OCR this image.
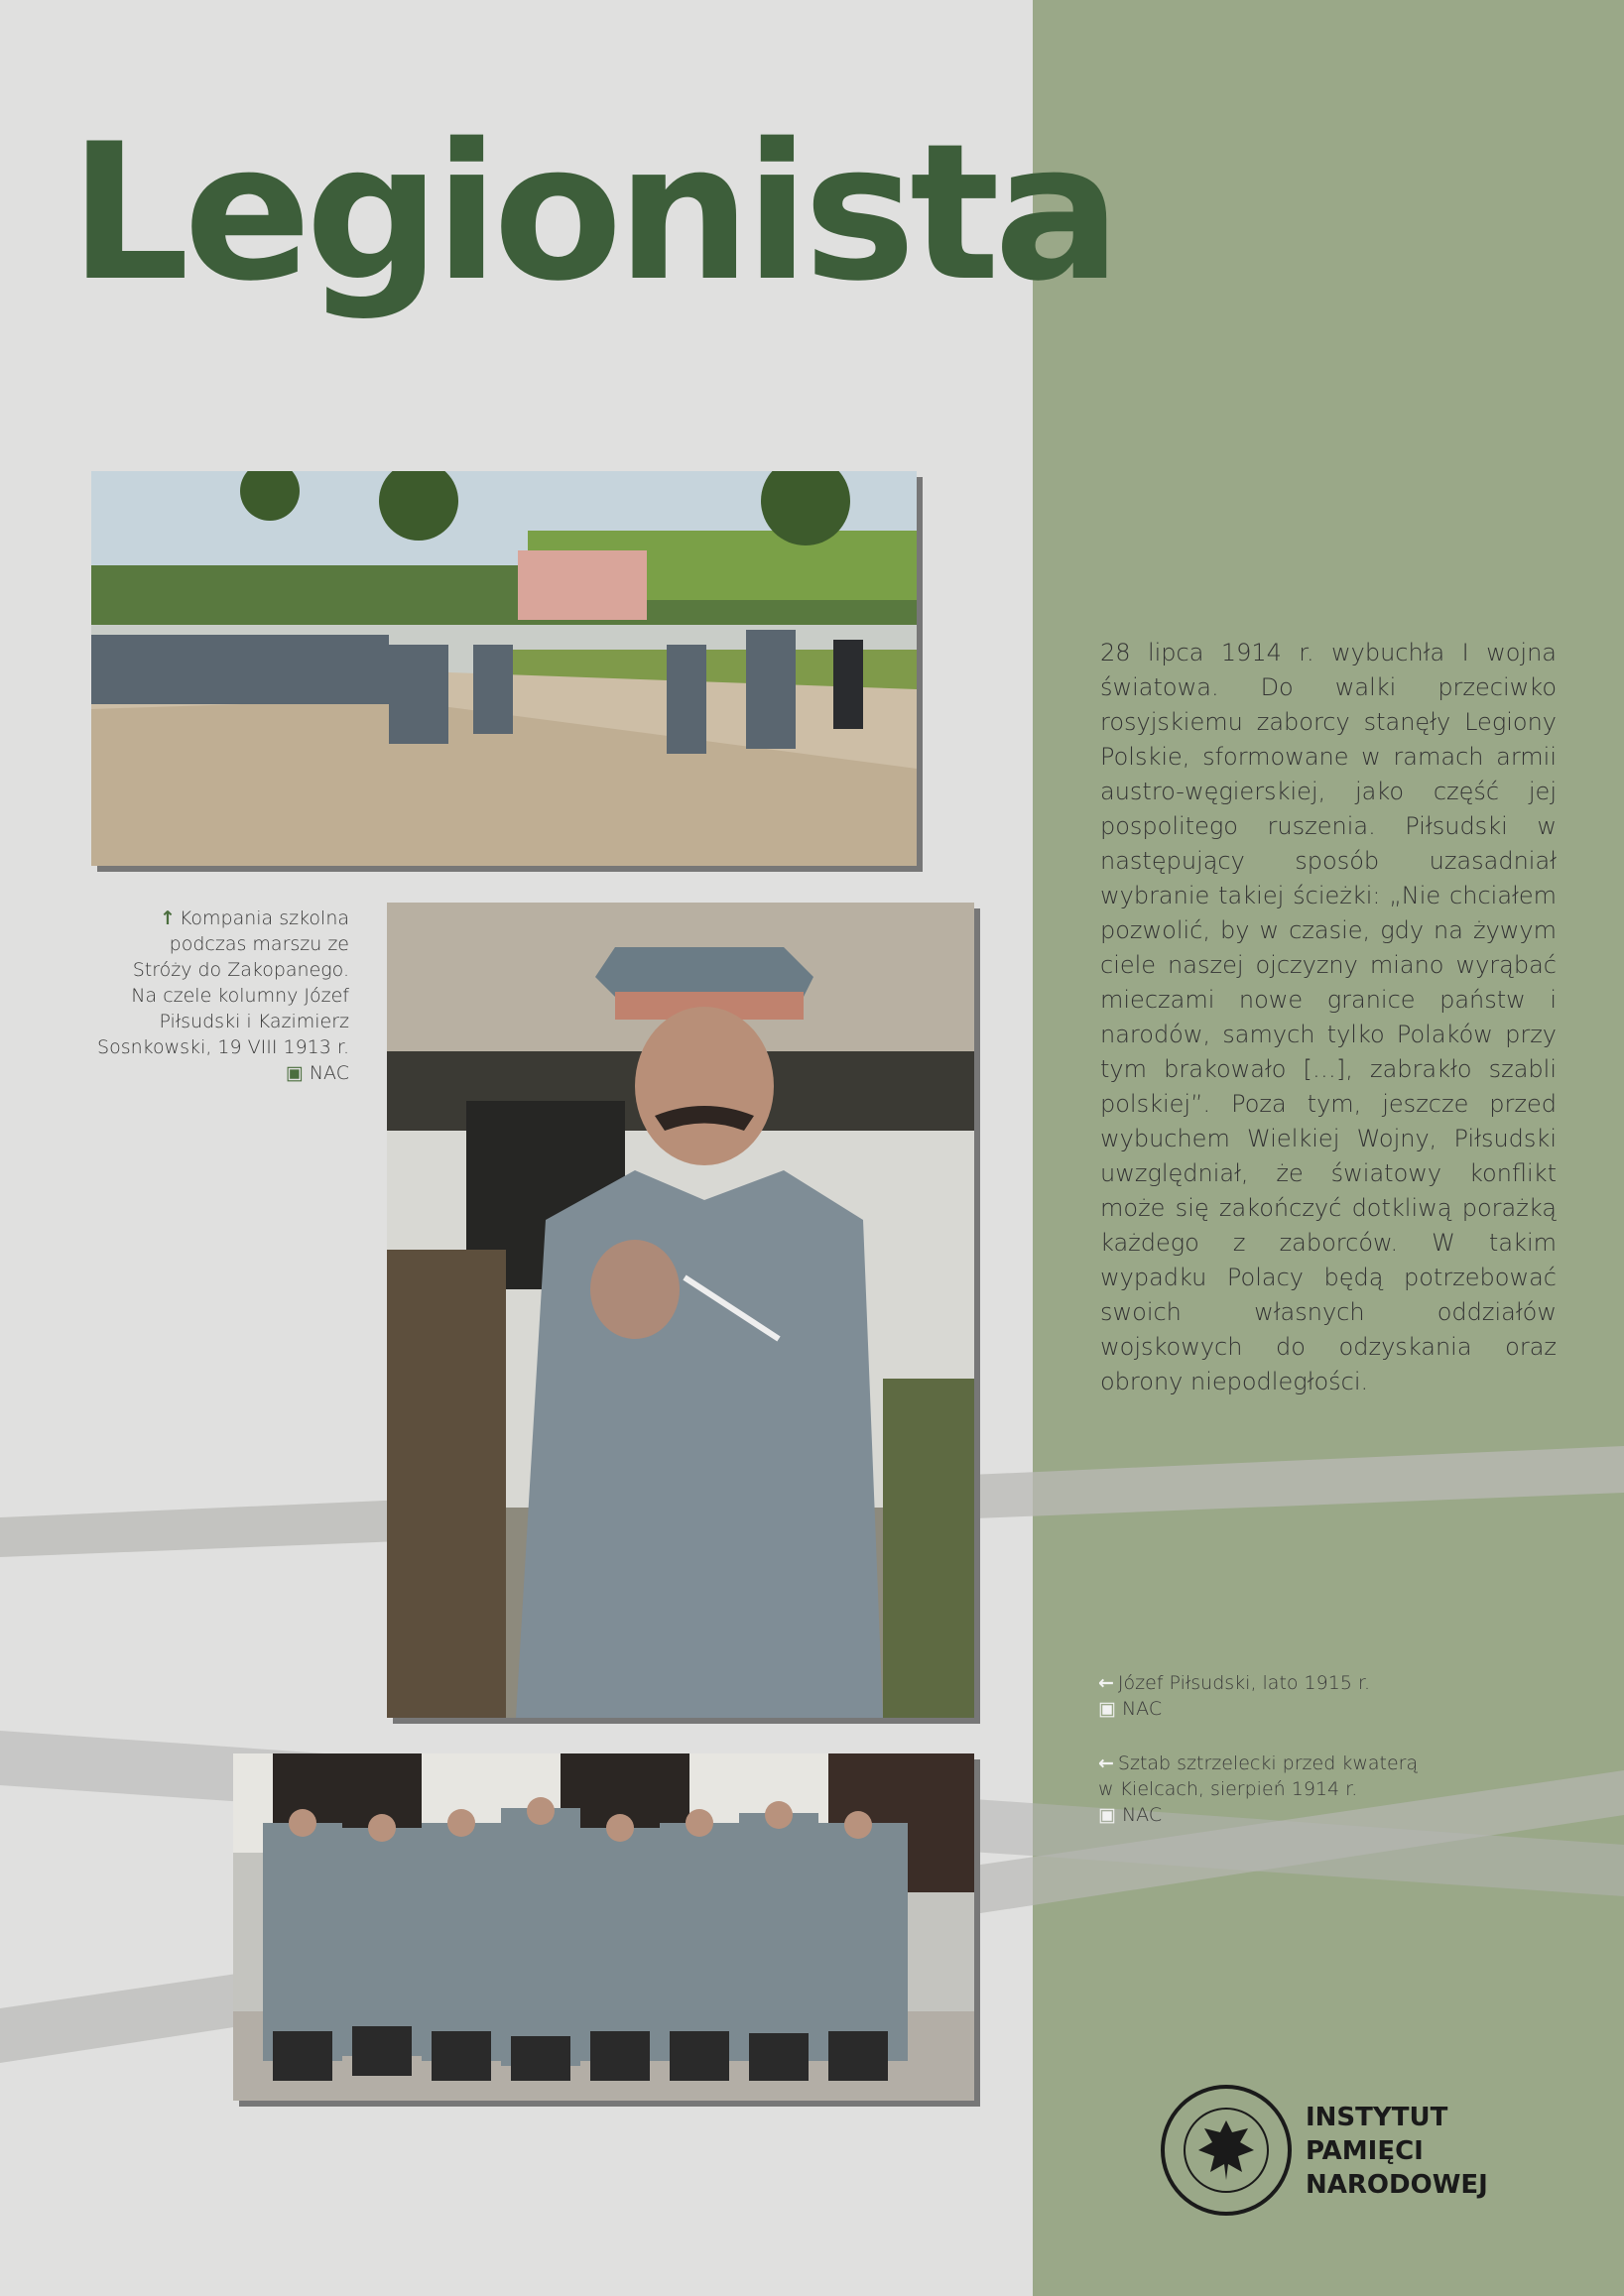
Legionista
↑ Kompania szkolna
podczas marszu ze
Stróży do Zakopanego.
Na czele kolumny Józef
Piłsudski i Kazimierz
Sosnkowski, 19 VIII 1913 r.
▣ NAC

28 lipca 1914 r. wybuchła I wojna światowa. Do walki przeciwko rosyjskiemu zaborcy stanęły Legiony Polskie, sformowane w ramach armii austro-węgierskiej, jako część jej pospolitego ruszenia. Piłsudski w następujący sposób uzasadniał wybranie takiej ścieżki: „Nie chciałem pozwolić, by w czasie, gdy na żywym ciele naszej ojczyzny miano wyrąbać mieczami nowe granice państw i narodów, samych tylko Polaków przy tym brakowało […], zabrakło szabli polskiej”. Poza tym, jeszcze przed wybuchem Wielkiej Wojny, Piłsudski uwzględniał, że światowy konflikt może się zakończyć dotkliwą porażką każdego z zaborców. W takim wypadku Polacy będą potrzebować swoich własnych oddziałów wojskowych do odzyskania oraz obrony niepodległości.

← Józef Piłsudski, lato 1915 r.
▣ NAC
← Sztab sztrzelecki przed kwaterą
w Kielcach, sierpień 1914 r.
▣ NAC
INSTYTUT
PAMIĘCI
NARODOWEJ
